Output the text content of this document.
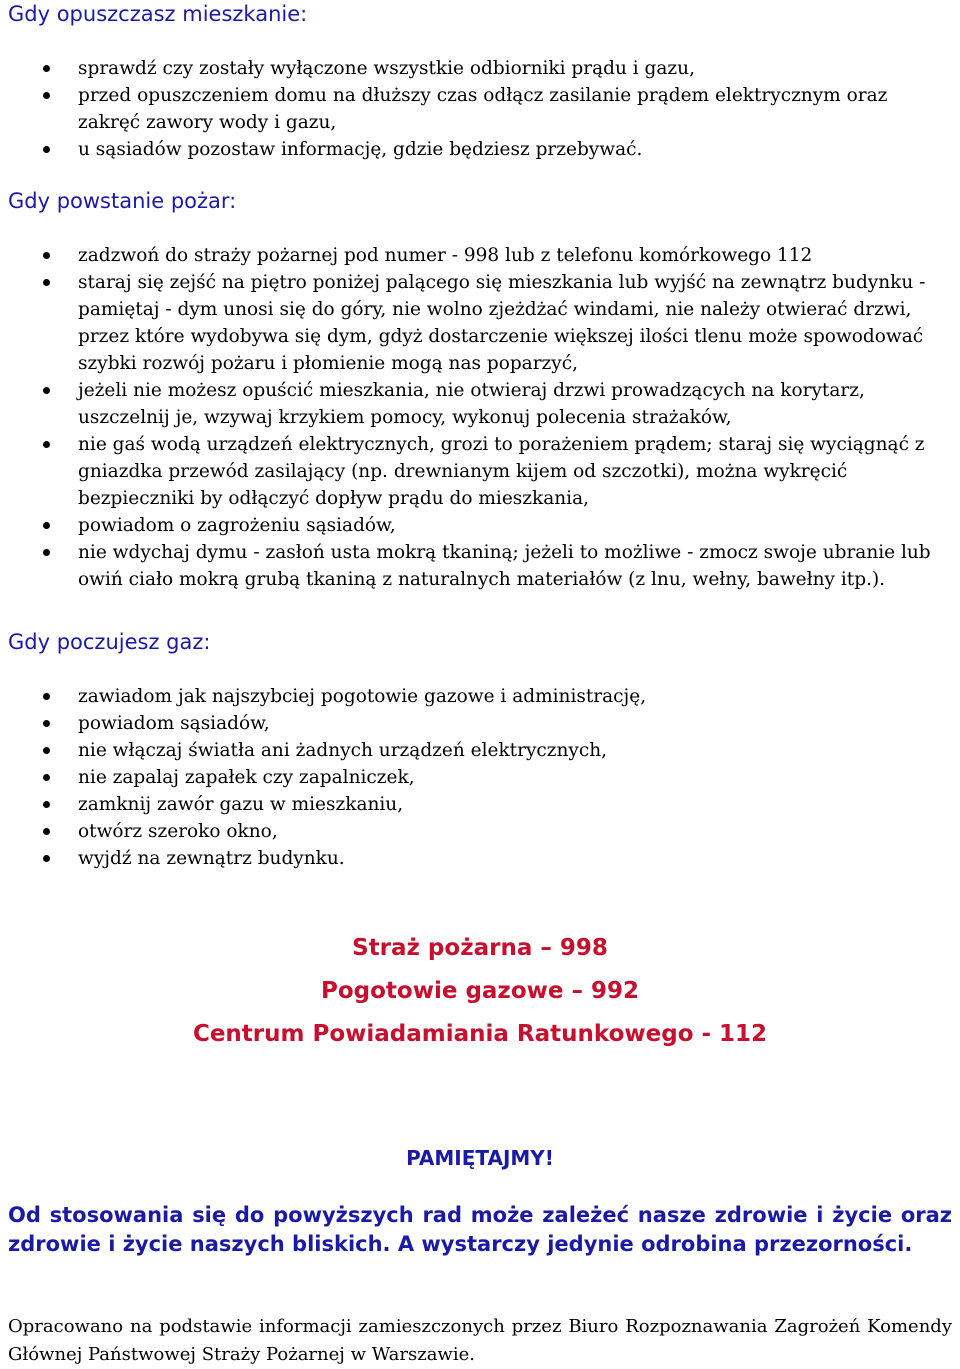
Gdy opuszczasz mieszkanie:
sprawdź czy zostały wyłączone wszystkie odbiorniki prądu i gazu,
przed opuszczeniem domu na dłuższy czas odłącz zasilanie prądem elektrycznym oraz zakręć zawory wody i gazu,
u sąsiadów pozostaw informację, gdzie będziesz przebywać.
Gdy powstanie pożar:
zadzwoń do straży pożarnej pod numer - 998 lub z telefonu komórkowego 112
staraj się zejść na piętro poniżej palącego się mieszkania lub wyjść na zewnątrz budynku - pamiętaj - dym unosi się do góry, nie wolno zjeżdżać windami, nie należy otwierać drzwi, przez które wydobywa się dym, gdyż dostarczenie większej ilości tlenu może spowodować szybki rozwój pożaru i płomienie mogą nas poparzyć,
jeżeli nie możesz opuścić mieszkania, nie otwieraj drzwi prowadzących na korytarz, uszczelnij je, wzywaj krzykiem pomocy, wykonuj polecenia strażaków,
nie gaś wodą urządzeń elektrycznych, grozi to porażeniem prądem; staraj się wyciągnąć z gniazdka przewód zasilający (np. drewnianym kijem od szczotki), można wykręcić bezpieczniki by odłączyć dopływ prądu do mieszkania,
powiadom o zagrożeniu sąsiadów,
nie wdychaj dymu - zasłoń usta mokrą tkaniną; jeżeli to możliwe - zmocz swoje ubranie lub owiń ciało mokrą grubą tkaniną z naturalnych materiałów (z lnu, wełny, bawełny itp.).
Gdy poczujesz gaz:
zawiadom jak najszybciej pogotowie gazowe i administrację,
powiadom sąsiadów,
nie włączaj światła ani żadnych urządzeń elektrycznych,
nie zapalaj zapałek czy zapalniczek,
zamknij zawór gazu w mieszkaniu,
otwórz szeroko okno,
wyjdź na zewnątrz budynku.
Straż pożarna – 998
Pogotowie gazowe – 992
Centrum Powiadamiania Ratunkowego - 112
PAMIĘTAJMY!

Od stosowania się do powyższych rad może zależeć nasze zdrowie i życie oraz zdrowie i życie naszych bliskich. A wystarczy jedynie odrobina przezorności.

Opracowano na podstawie informacji zamieszczonych przez Biuro Rozpoznawania Zagrożeń Komendy Głównej Państwowej Straży Pożarnej w Warszawie.
